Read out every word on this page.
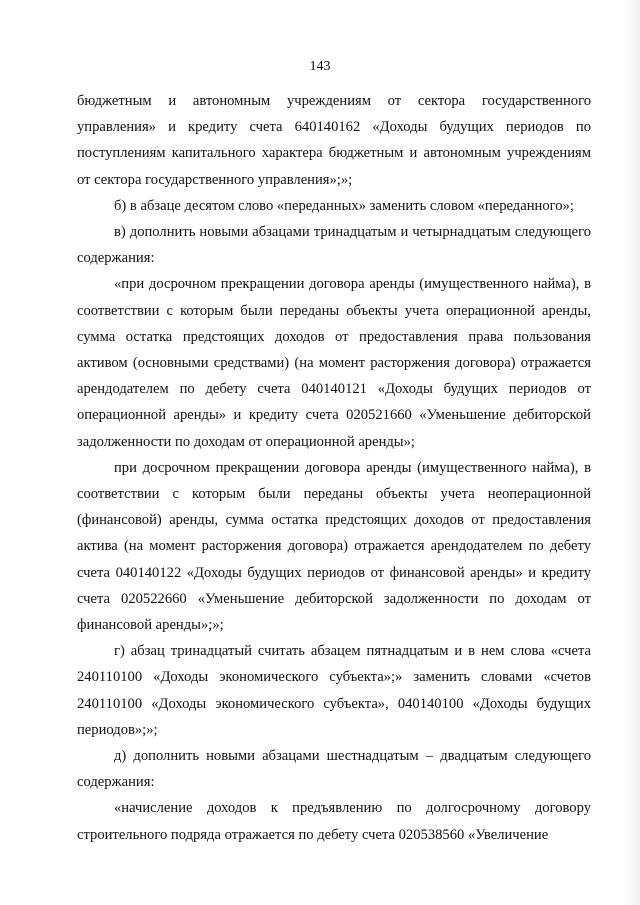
143

бюджетным и автономным учреждениям от сектора государственного управления» и кредиту счета 640140162 «Доходы будущих периодов по поступлениям капитального характера бюджетным и автономным учреждениям от сектора государственного управления»;»;

б) в абзаце десятом слово «переданных» заменить словом «переданного»;

в) дополнить новыми абзацами тринадцатым и четырнадцатым следующего содержания:

«при досрочном прекращении договора аренды (имущественного найма), в соответствии с которым были переданы объекты учета операционной аренды, сумма остатка предстоящих доходов от предоставления права пользования активом (основными средствами) (на момент расторжения договора) отражается арендодателем по дебету счета 040140121 «Доходы будущих периодов от операционной аренды» и кредиту счета 020521660 «Уменьшение дебиторской задолженности по доходам от операционной аренды»;

при досрочном прекращении договора аренды (имущественного найма), в соответствии с которым были переданы объекты учета неоперационной (финансовой) аренды, сумма остатка предстоящих доходов от предоставления актива (на момент расторжения договора) отражается арендодателем по дебету счета 040140122 «Доходы будущих периодов от финансовой аренды» и кредиту счета 020522660 «Уменьшение дебиторской задолженности по доходам от финансовой аренды»;»;

г) абзац тринадцатый считать абзацем пятнадцатым и в нем слова «счета 240110100 «Доходы экономического субъекта»;» заменить словами «счетов 240110100 «Доходы экономического субъекта», 040140100 «Доходы будущих периодов»;»;

д) дополнить новыми абзацами шестнадцатым – двадцатым следующего содержания:

«начисление доходов к предъявлению по долгосрочному договору строительного подряда отражается по дебету счета 020538560 «Увеличение
